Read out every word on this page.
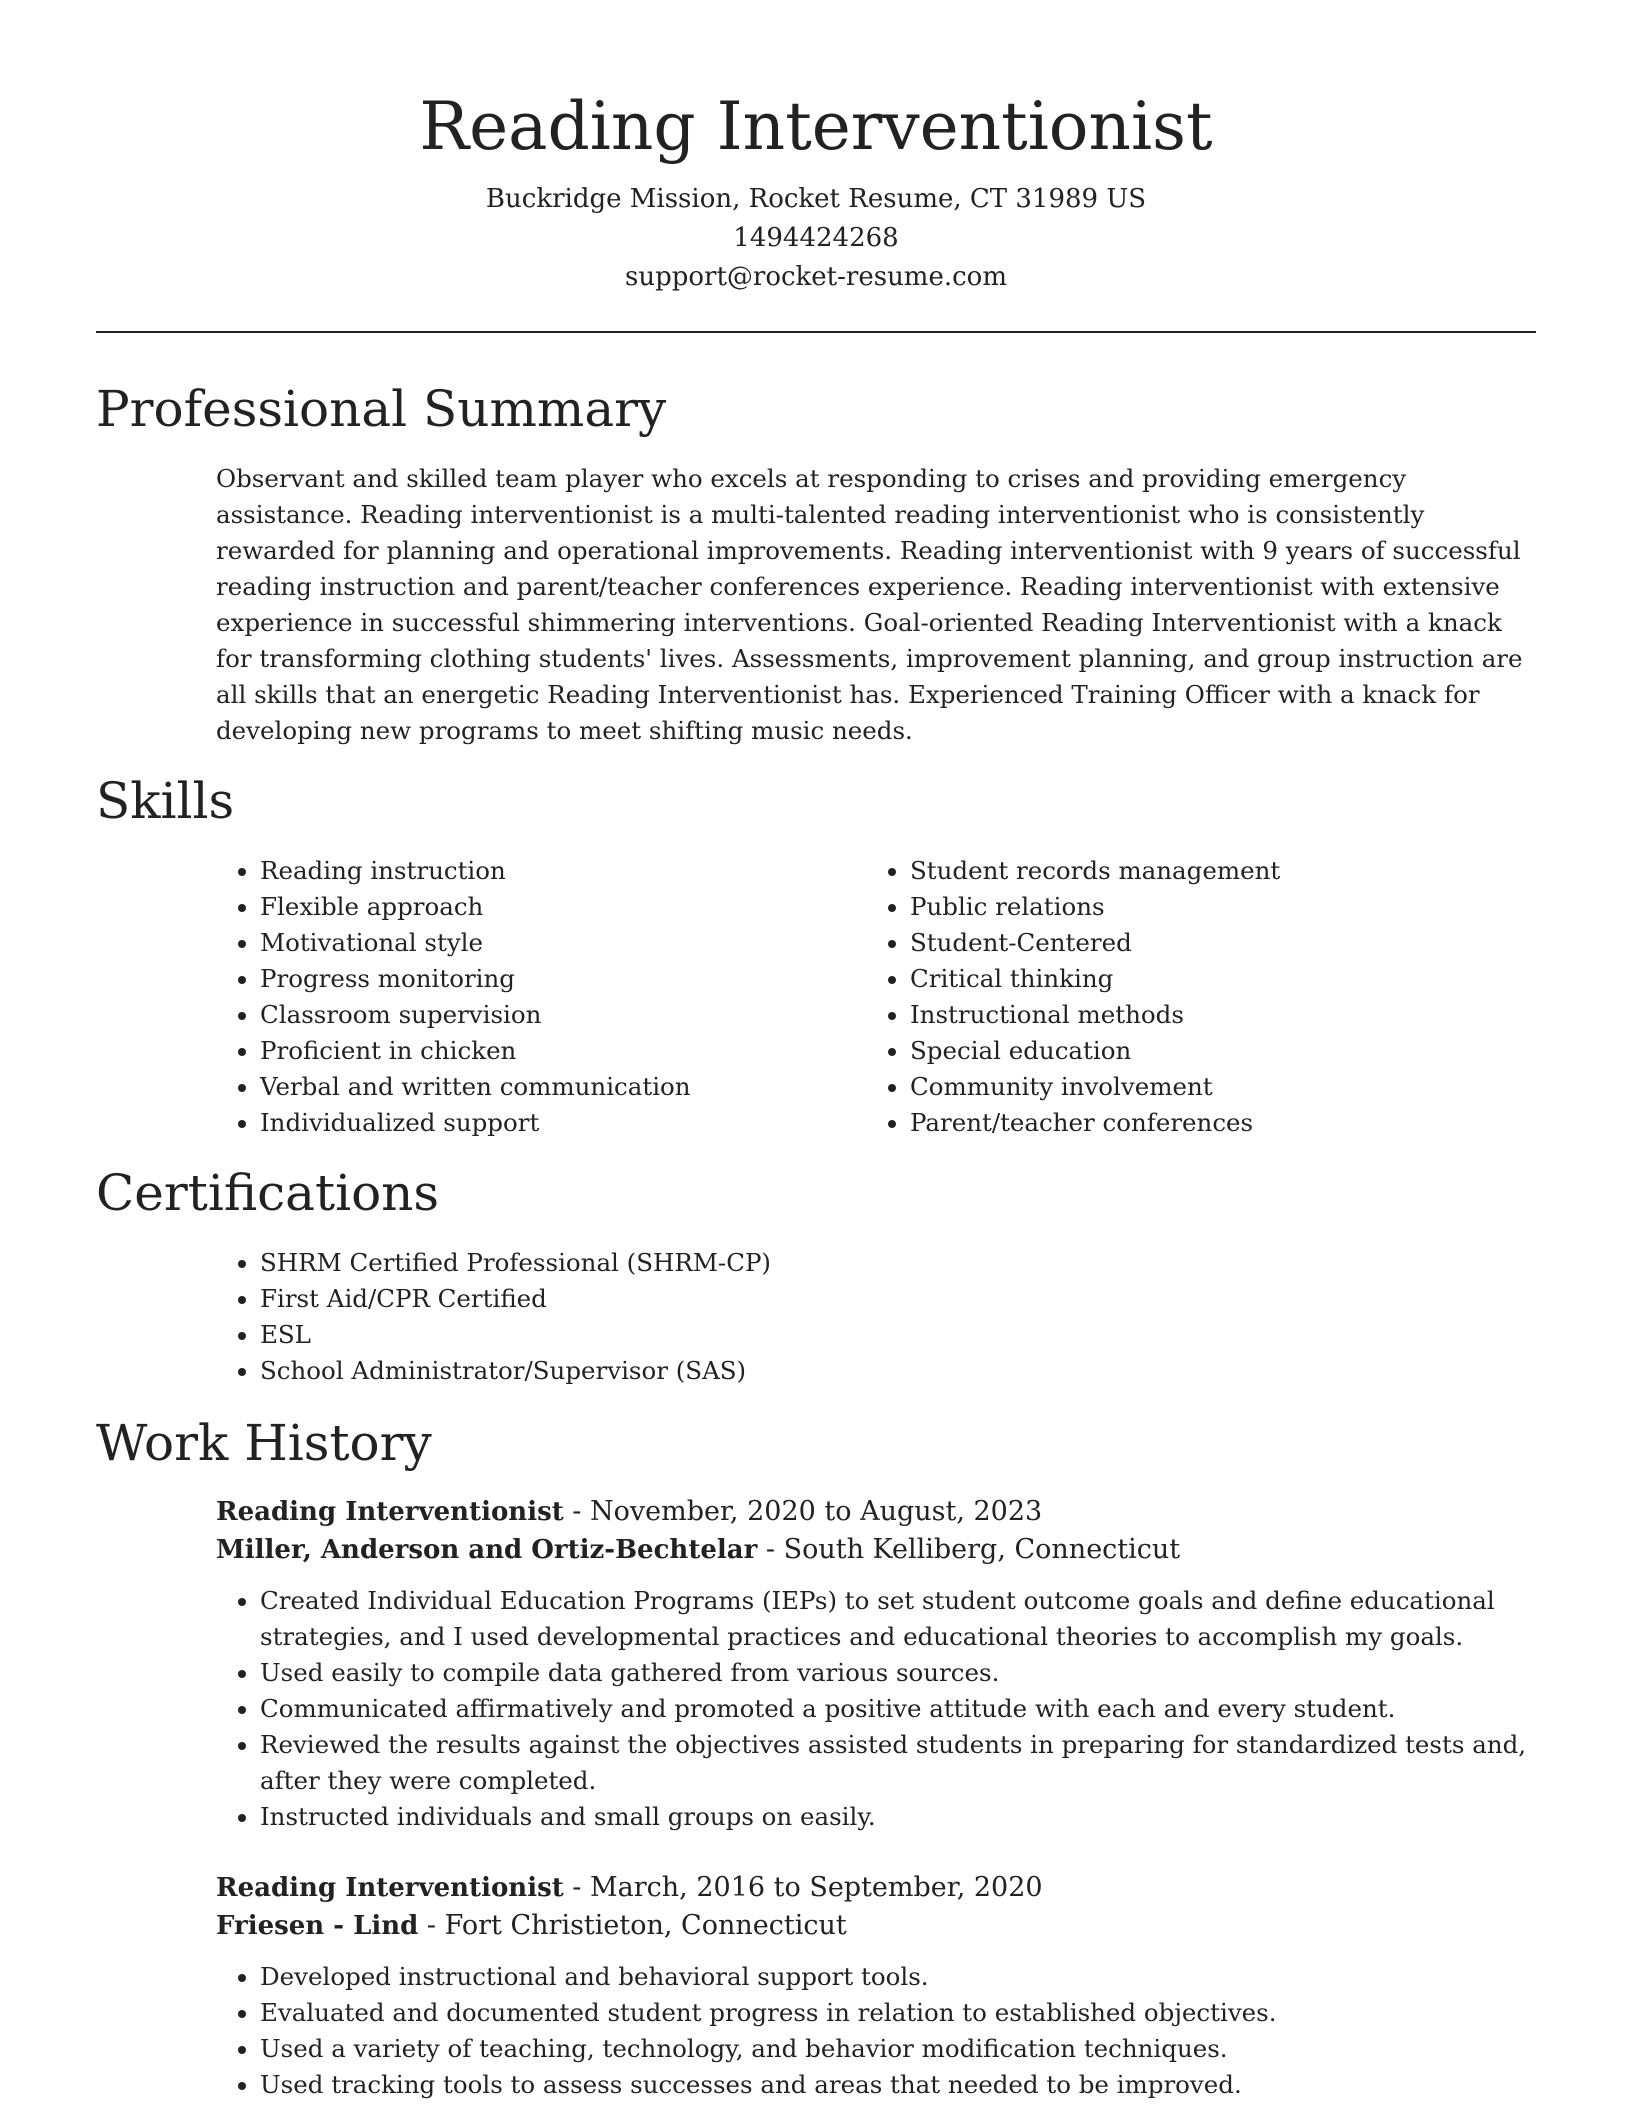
Reading Interventionist
Buckridge Mission, Rocket Resume, CT 31989 US
1494424268
support@rocket-resume.com
Professional Summary
Observant and skilled team player who excels at responding to crises and providing emergency assistance. Reading interventionist is a multi-talented reading interventionist who is consistently rewarded for planning and operational improvements. Reading interventionist with 9 years of successful reading instruction and parent/teacher conferences experience. Reading interventionist with extensive experience in successful shimmering interventions. Goal-oriented Reading Interventionist with a knack for transforming clothing students' lives. Assessments, improvement planning, and group instruction are all skills that an energetic Reading Interventionist has. Experienced Training Officer with a knack for developing new programs to meet shifting music needs.
Skills
• Reading instruction
• Flexible approach
• Motivational style
• Progress monitoring
• Classroom supervision
• Proficient in chicken
• Verbal and written communication
• Individualized support
• Student records management
• Public relations
• Student-Centered
• Critical thinking
• Instructional methods
• Special education
• Community involvement
• Parent/teacher conferences
Certifications
• SHRM Certified Professional (SHRM-CP)
• First Aid/CPR Certified
• ESL
• School Administrator/Supervisor (SAS)
Work History
Reading Interventionist - November, 2020 to August, 2023
Miller, Anderson and Ortiz-Bechtelar - South Kelliberg, Connecticut
• Created Individual Education Programs (IEPs) to set student outcome goals and define educational strategies, and I used developmental practices and educational theories to accomplish my goals.
• Used easily to compile data gathered from various sources.
• Communicated affirmatively and promoted a positive attitude with each and every student.
• Reviewed the results against the objectives assisted students in preparing for standardized tests and, after they were completed.
• Instructed individuals and small groups on easily.
Reading Interventionist - March, 2016 to September, 2020
Friesen - Lind - Fort Christieton, Connecticut
• Developed instructional and behavioral support tools.
• Evaluated and documented student progress in relation to established objectives.
• Used a variety of teaching, technology, and behavior modification techniques.
• Used tracking tools to assess successes and areas that needed to be improved.
